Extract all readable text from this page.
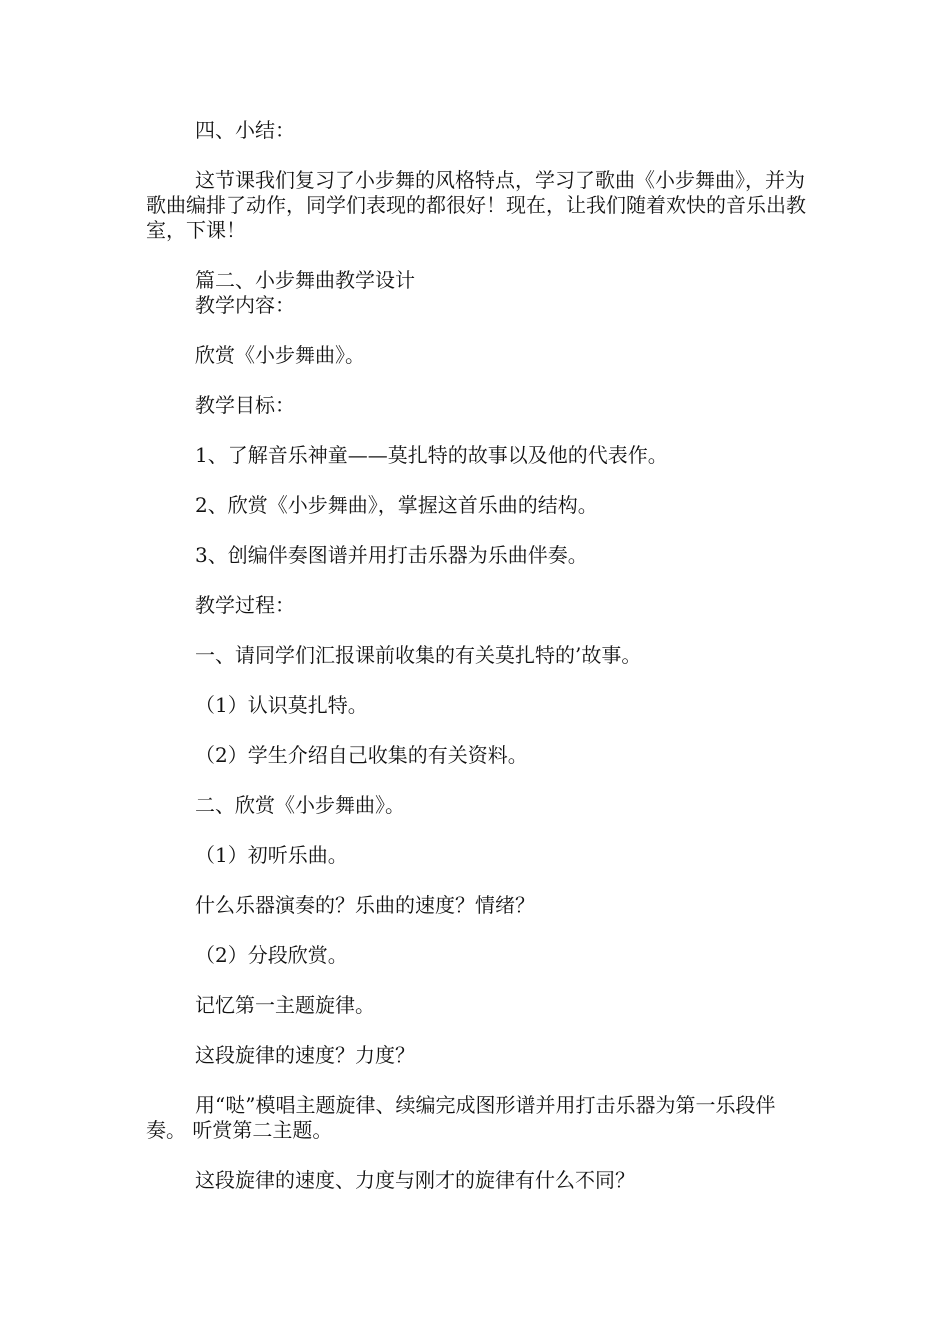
四、小结：

这节课我们复习了小步舞的风格特点，学习了歌曲《小步舞曲》，并为歌曲编排了动作，同学们表现的都很好！现在，让我们随着欢快的音乐出教室，下课！

篇二、小步舞曲教学设计

教学内容：

欣赏《小步舞曲》。

教学目标：

1、了解音乐神童——莫扎特的故事以及他的代表作。

2、欣赏《小步舞曲》，掌握这首乐曲的结构。

3、创编伴奏图谱并用打击乐器为乐曲伴奏。

教学过程：

一、请同学们汇报课前收集的有关莫扎特的’故事。

（1）认识莫扎特。

（2）学生介绍自己收集的有关资料。

二、欣赏《小步舞曲》。

（1）初听乐曲。

什么乐器演奏的？乐曲的速度？情绪？

（2）分段欣赏。

记忆第一主题旋律。

这段旋律的速度？力度？

用“哒”模唱主题旋律、续编完成图形谱并用打击乐器为第一乐段伴奏。 听赏第二主题。

这段旋律的速度、力度与刚才的旋律有什么不同？
